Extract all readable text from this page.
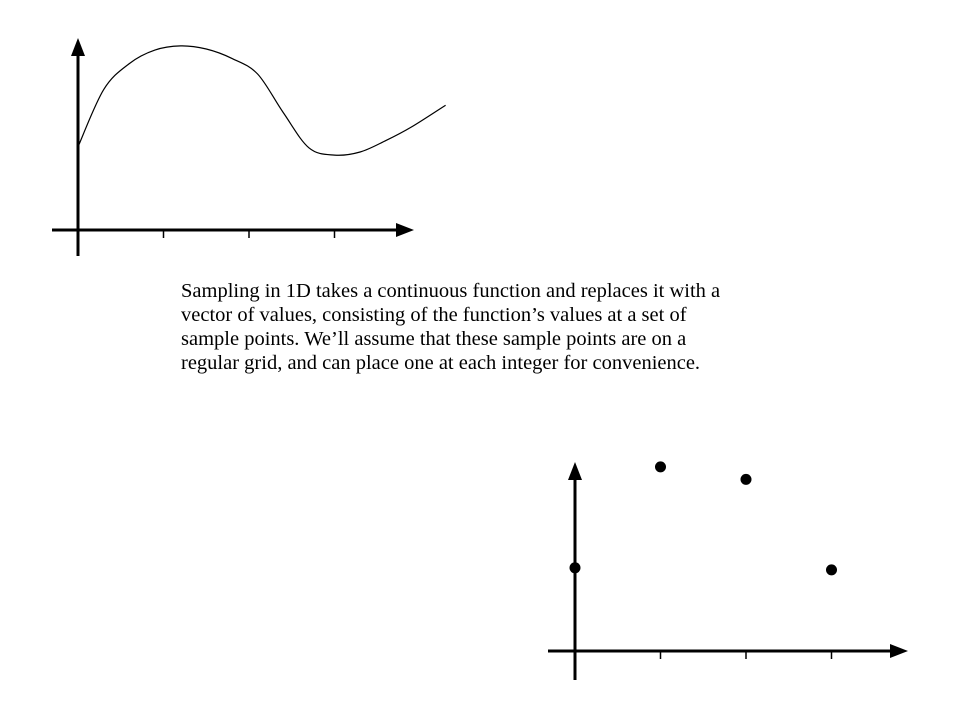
Sampling in 1D takes a continuous function and replaces it with a
vector of values, consisting of the function’s values at a set of
sample points. We’ll assume that these sample points are on a
regular grid, and can place one at each integer for convenience.
